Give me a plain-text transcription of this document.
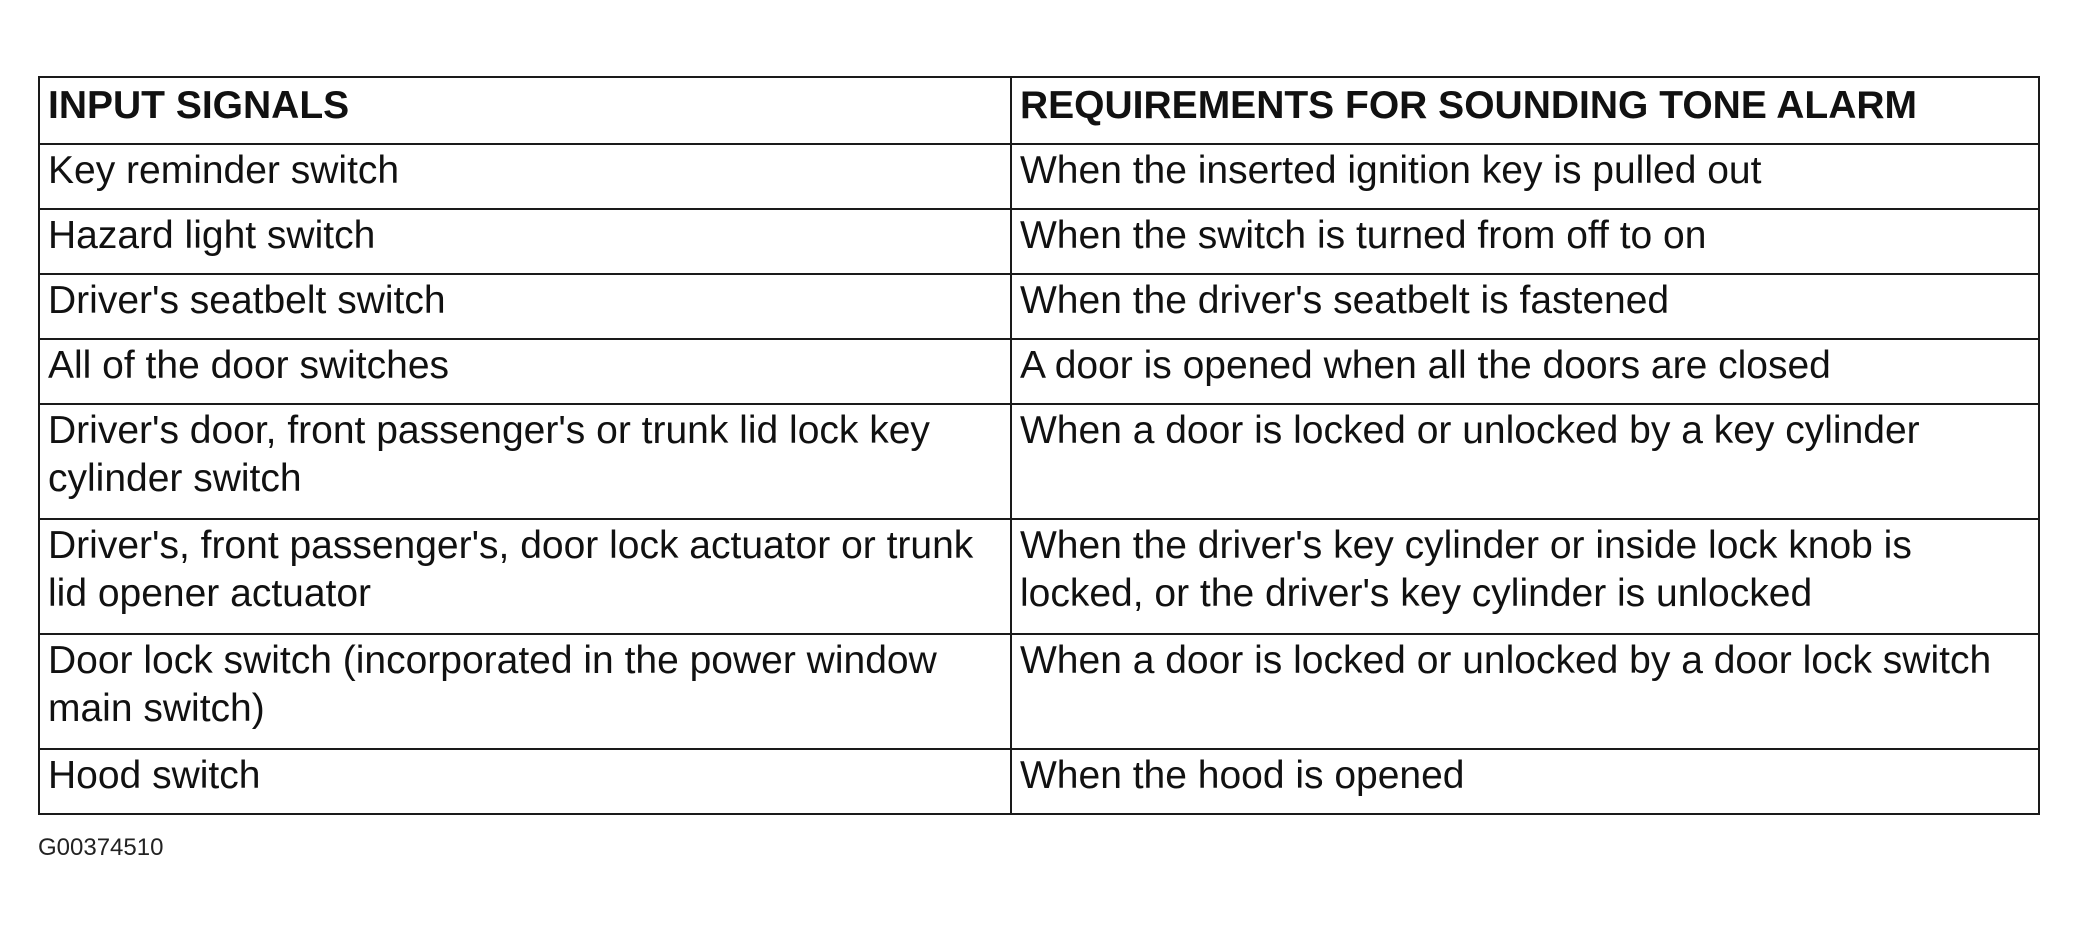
INPUT SIGNALS	REQUIREMENTS FOR SOUNDING TONE ALARM
Key reminder switch	When the inserted ignition key is pulled out
Hazard light switch	When the switch is turned from off to on
Driver's seatbelt switch	When the driver's seatbelt is fastened
All of the door switches	A door is opened when all the doors are closed
Driver's door, front passenger's or trunk lid lock key cylinder switch	When a door is locked or unlocked by a key cylinder
Driver's, front passenger's, door lock actuator or trunk lid opener actuator	When the driver's key cylinder or inside lock knob is locked, or the driver's key cylinder is unlocked
Door lock switch (incorporated in the power window main switch)	When a door is locked or unlocked by a door lock switch
Hood switch	When the hood is opened
G00374510
